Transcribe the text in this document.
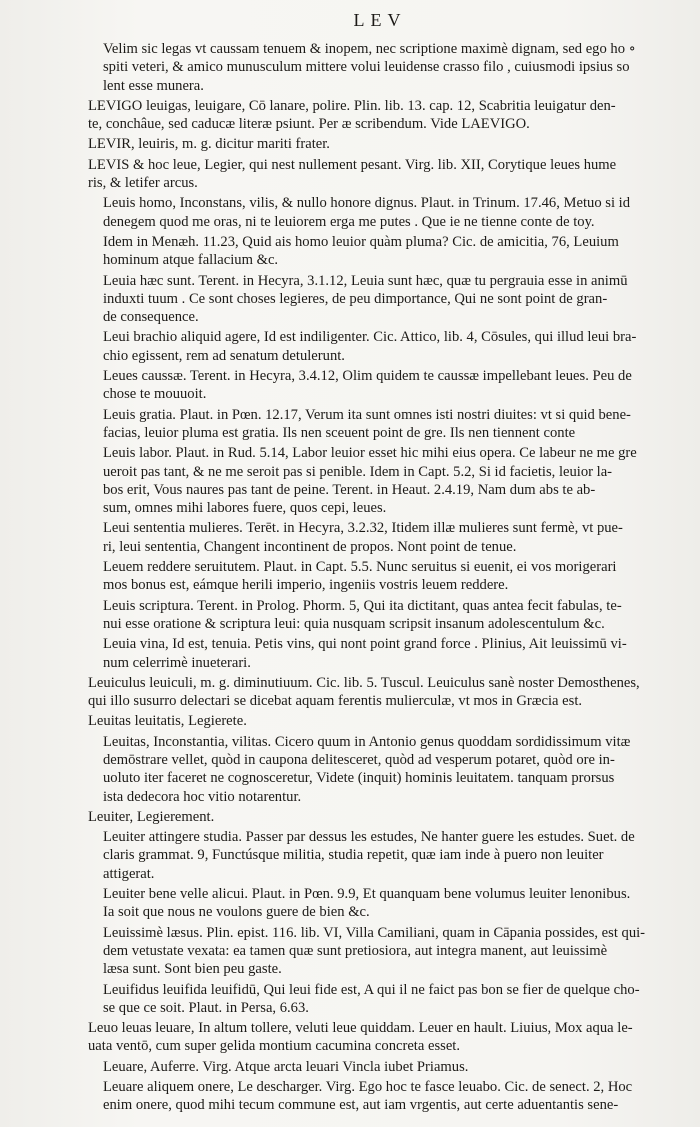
LEV
Velim sic legas vt caussam tenuem & inopem, nec scriptione maximè dignam, sed ego ho ∘
spiti veteri, & amico munusculum mittere volui leuidense crasso filo , cuiusmodi ipsius so
lent esse munera.
LEVIGO leuigas, leuigare, Cō lanare, polire. Plin. lib. 13. cap. 12, Scabritia leuigatur den-
te, conchâue, sed caducæ literæ psiunt. Per æ scribendum. Vide LAEVIGO.
LEVIR, leuiris, m. g. dicitur mariti frater.
LEVIS & hoc leue, Legier, qui nest nullement pesant. Virg. lib. XII, Corytique leues hume
ris, & letifer arcus.
Leuis homo, Inconstans, vilis, & nullo honore dignus. Plaut. in Trinum. 17.46, Metuo si id
denegem quod me oras, ni te leuiorem erga me putes . Que ie ne tienne conte de toy.
Idem in Menæh. 11.23, Quid ais homo leuior quàm pluma? Cic. de amicitia, 76, Leuium
hominum atque fallacium &c.
Leuia hæc sunt. Terent. in Hecyra, 3.1.12, Leuia sunt hæc, quæ tu pergrauia esse in animū
induxti tuum . Ce sont choses legieres, de peu dimportance, Qui ne sont point de gran-
de consequence.
Leui brachio aliquid agere, Id est indiligenter. Cic. Attico, lib. 4, Cōsules, qui illud leui bra-
chio egissent, rem ad senatum detulerunt.
Leues caussæ. Terent. in Hecyra, 3.4.12, Olim quidem te caussæ impellebant leues. Peu de
chose te mouuoit.
Leuis gratia. Plaut. in Pœn. 12.17, Verum ita sunt omnes isti nostri diuites: vt si quid bene-
facias, leuior pluma est gratia. Ils nen sceuent point de gre. Ils nen tiennent conte
Leuis labor. Plaut. in Rud. 5.14, Labor leuior esset hic mihi eius opera. Ce labeur ne me gre
ueroit pas tant, & ne me seroit pas si penible. Idem in Capt. 5.2, Si id facietis, leuior la-
bos erit, Vous naures pas tant de peine. Terent. in Heaut. 2.4.19, Nam dum abs te ab-
sum, omnes mihi labores fuere, quos cepi, leues.
Leui sententia mulieres. Terēt. in Hecyra, 3.2.32, Itidem illæ mulieres sunt fermè, vt pue-
ri, leui sententia, Changent incontinent de propos. Nont point de tenue.
Leuem reddere seruitutem. Plaut. in Capt. 5.5. Nunc seruitus si euenit, ei vos morigerari
mos bonus est, eámque herili imperio, ingeniis vostris leuem reddere.
Leuis scriptura. Terent. in Prolog. Phorm. 5, Qui ita dictitant, quas antea fecit fabulas, te-
nui esse oratione & scriptura leui: quia nusquam scripsit insanum adolescentulum &c.
Leuia vina, Id est, tenuia. Petis vins, qui nont point grand force . Plinius, Ait leuissimū vi-
num celerrimè inueterari.
Leuiculus leuiculi, m. g. diminutiuum. Cic. lib. 5. Tuscul. Leuiculus sanè noster Demosthenes,
qui illo susurro delectari se dicebat aquam ferentis mulierculæ, vt mos in Græcia est.
Leuitas leuitatis, Legierete.
Leuitas, Inconstantia, vilitas. Cicero quum in Antonio genus quoddam sordidissimum vitæ
demōstrare vellet, quòd in caupona delitesceret, quòd ad vesperum potaret, quòd ore in-
uoluto iter faceret ne cognosceretur, Videte (inquit) hominis leuitatem. tanquam prorsus
ista dedecora hoc vitio notarentur.
Leuiter, Legierement.
Leuiter attingere studia. Passer par dessus les estudes, Ne hanter guere les estudes. Suet. de
claris grammat. 9, Functúsque militia, studia repetit, quæ iam inde à puero non leuiter
attigerat.
Leuiter bene velle alicui. Plaut. in Pœn. 9.9, Et quanquam bene volumus leuiter lenonibus.
Ia soit que nous ne voulons guere de bien &c.
Leuissimè læsus. Plin. epist. 116. lib. VI, Villa Camiliani, quam in Cāpania possides, est qui-
dem vetustate vexata: ea tamen quæ sunt pretiosiora, aut integra manent, aut leuissimè
læsa sunt. Sont bien peu gaste.
Leuifidus leuifida leuifidū, Qui leui fide est, A qui il ne faict pas bon se fier de quelque cho-
se que ce soit. Plaut. in Persa, 6.63.
Leuo leuas leuare, In altum tollere, veluti leue quiddam. Leuer en hault. Liuius, Mox aqua le-
uata ventō, cum super gelida montium cacumina concreta esset.
Leuare, Auferre. Virg. Atque arcta leuari Vincla iubet Priamus.
Leuare aliquem onere, Le descharger. Virg. Ego hoc te fasce leuabo. Cic. de senect. 2, Hoc
enim onere, quod mihi tecum commune est, aut iam vrgentis, aut certe aduentantis sene-
